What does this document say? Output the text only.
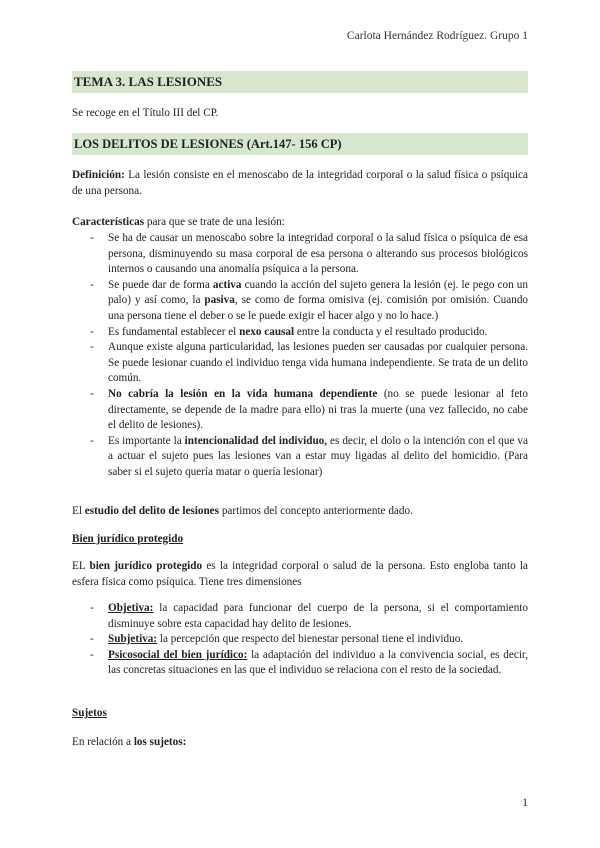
Carlota Hernández Rodríguez. Grupo 1
TEMA 3. LAS LESIONES
Se recoge en el Título III del CP.
LOS DELITOS DE LESIONES (Art.147- 156 CP)
Definición: La lesión consiste en el menoscabo de la integridad corporal o la salud física o psíquica de una persona.
Características para que se trate de una lesión:
- Se ha de causar un menoscabo sobre la integridad corporal o la salud física o psíquica de esa persona, disminuyendo su masa corporal de esa persona o alterando sus procesos biológicos internos o causando una anomalía psíquica a la persona.
- Se puede dar de forma activa cuando la acción del sujeto genera la lesión (ej. le pego con un palo) y así como, la pasiva, se como de forma omisiva (ej. comisión por omisión. Cuando una persona tiene el deber o se le puede exigir el hacer algo y no lo hace.)
- Es fundamental establecer el nexo causal entre la conducta y el resultado producido.
- Aunque existe alguna particularidad, las lesiones pueden ser causadas por cualquier persona. Se puede lesionar cuando el individuo tenga vida humana independiente. Se trata de un delito común.
- No cabría la lesión en la vida humana dependiente (no se puede lesionar al feto directamente, se depende de la madre para ello) ni tras la muerte (una vez fallecido, no cabe el delito de lesiones).
- Es importante la intencionalidad del individuo, es decir, el dolo o la intención con el que va a actuar el sujeto pues las lesiones van a estar muy ligadas al delito del homicidio. (Para saber si el sujeto quería matar o quería lesionar)
El estudio del delito de lesiones partimos del concepto anteriormente dado.
Bien jurídico protegido
EL bien jurídico protegido es la integridad corporal o salud de la persona. Esto engloba tanto la esfera física como psíquica. Tiene tres dimensiones
- Objetiva: la capacidad para funcionar del cuerpo de la persona, si el comportamiento disminuye sobre esta capacidad hay delito de lesiones.
- Subjetiva: la percepción que respecto del bienestar personal tiene el individuo.
- Psicosocial del bien jurídico: la adaptación del individuo a la convivencia social, es decir, las concretas situaciones en las que el individuo se relaciona con el resto de la sociedad.
Sujetos
En relación a los sujetos:
1
